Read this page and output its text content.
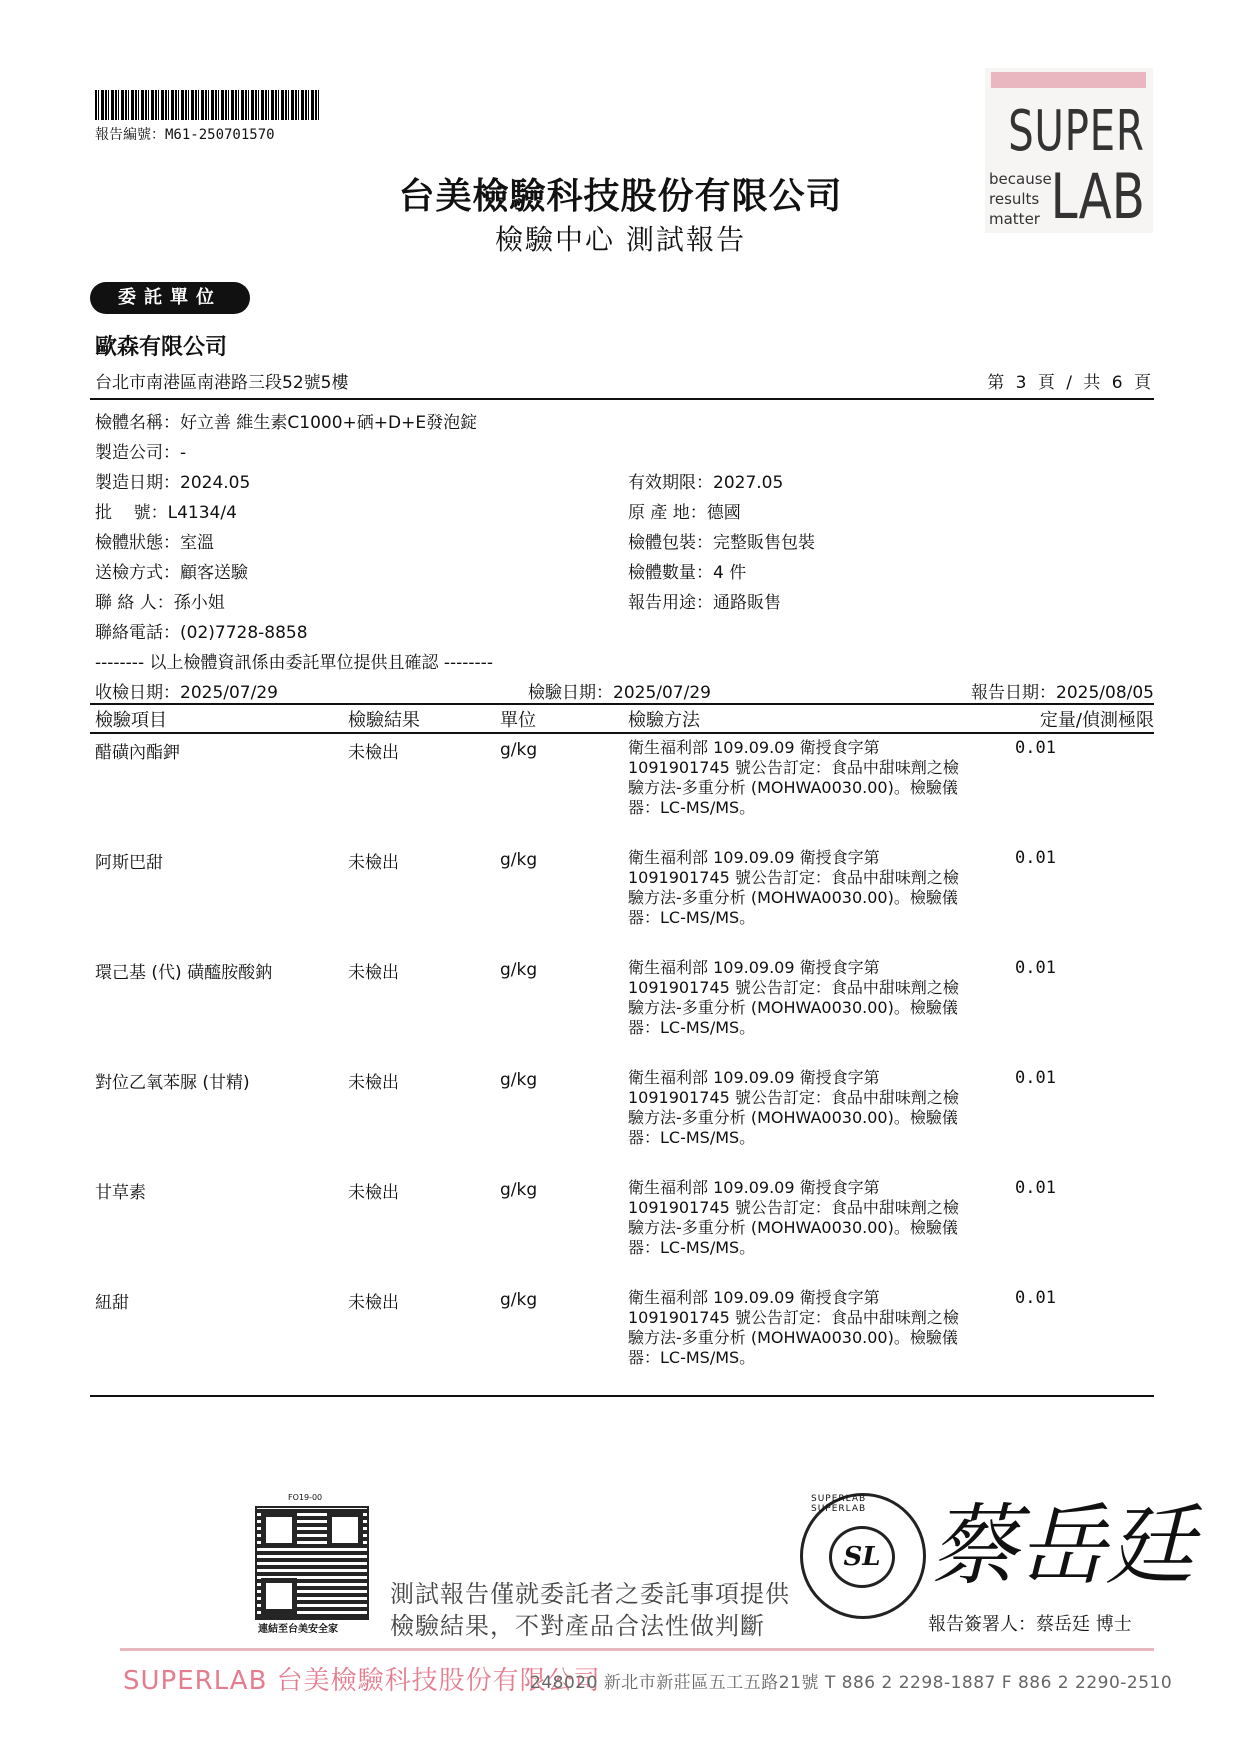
報告編號：M61-250701570
台美檢驗科技股份有限公司
檢驗中心 測試報告
SUPER
LAB
because
results
matter
委託單位
歐森有限公司
台北市南港區南港路三段52號5樓	第 3 頁 / 共 6 頁
檢體名稱：好立善 維生素C1000+硒+D+E發泡錠
製造公司：-
製造日期：2024.05	有效期限：2027.05
批    號：L4134/4	原 產 地：德國
檢體狀態：室溫	檢體包裝：完整販售包裝
送檢方式：顧客送驗	檢體數量：4 件
聯 絡 人：孫小姐	報告用途：通路販售
聯絡電話：(02)7728-8858
-------- 以上檢體資訊係由委託單位提供且確認 --------
收檢日期：2025/07/29	檢驗日期：2025/07/29	報告日期：2025/08/05
檢驗項目	檢驗結果	單位	檢驗方法	定量/偵測極限
醋磺內酯鉀	未檢出	g/kg	衛生福利部 109.09.09 衛授食字第
1091901745 號公告訂定：食品中甜味劑之檢
驗方法-多重分析 (MOHWA0030.00)。檢驗儀
器：LC-MS/MS。
0.01
阿斯巴甜	未檢出	g/kg	衛生福利部 109.09.09 衛授食字第
1091901745 號公告訂定：食品中甜味劑之檢
驗方法-多重分析 (MOHWA0030.00)。檢驗儀
器：LC-MS/MS。
0.01
環己基 (代) 磺醯胺酸鈉	未檢出	g/kg	衛生福利部 109.09.09 衛授食字第
1091901745 號公告訂定：食品中甜味劑之檢
驗方法-多重分析 (MOHWA0030.00)。檢驗儀
器：LC-MS/MS。
0.01
對位乙氧苯脲 (甘精)	未檢出	g/kg	衛生福利部 109.09.09 衛授食字第
1091901745 號公告訂定：食品中甜味劑之檢
驗方法-多重分析 (MOHWA0030.00)。檢驗儀
器：LC-MS/MS。
0.01
甘草素	未檢出	g/kg	衛生福利部 109.09.09 衛授食字第
1091901745 號公告訂定：食品中甜味劑之檢
驗方法-多重分析 (MOHWA0030.00)。檢驗儀
器：LC-MS/MS。
0.01
紐甜	未檢出	g/kg	衛生福利部 109.09.09 衛授食字第
1091901745 號公告訂定：食品中甜味劑之檢
驗方法-多重分析 (MOHWA0030.00)。檢驗儀
器：LC-MS/MS。
0.01
FO19-00
連結至台美安全家
測試報告僅就委託者之委託事項提供
檢驗結果，不對產品合法性做判斷
SUPERLAB SUPERLAB
SL 蔡岳廷
報告簽署人：蔡岳廷 博士
SUPERLAB 台美檢驗科技股份有限公司
248020 新北市新莊區五工五路21號 T 886 2 2298-1887 F 886 2 2290-2510
